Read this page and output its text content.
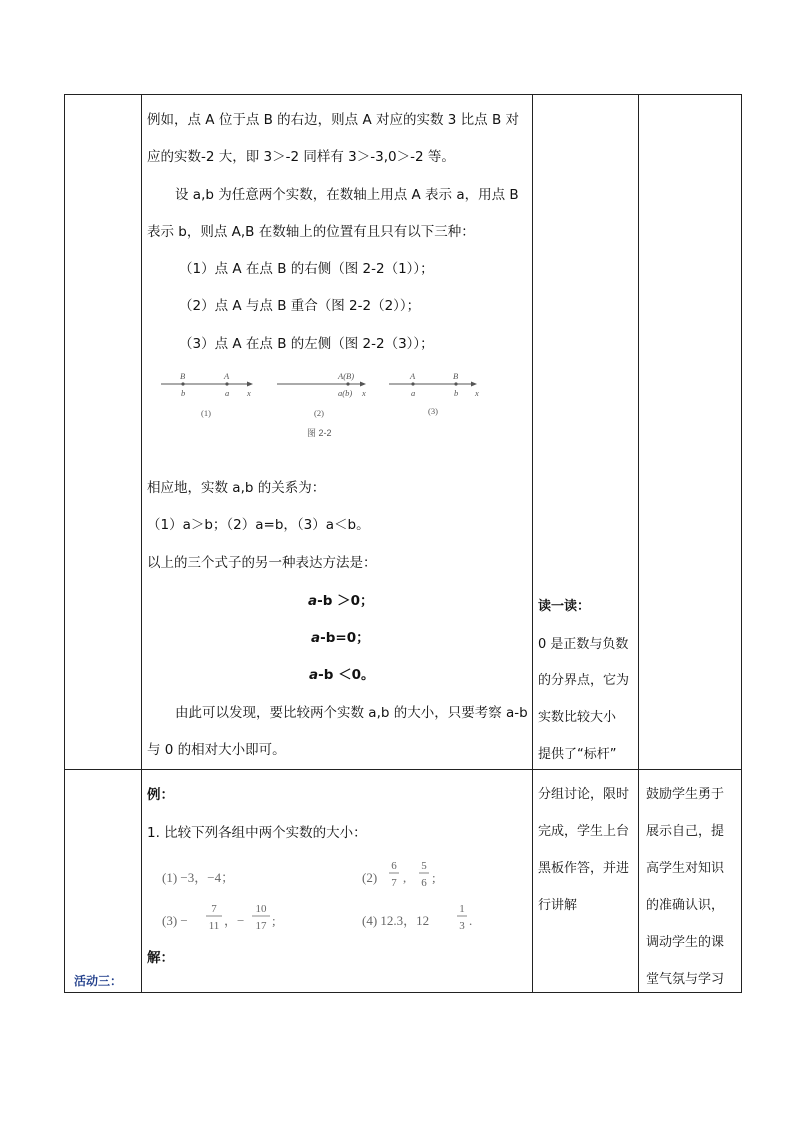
例如，点 A 位于点 B 的右边，则点 A 对应的实数 3 比点 B 对
应的实数-2 大，即 3＞-2 同样有 3＞-3,0＞-2 等。
设 a,b 为任意两个实数，在数轴上用点 A 表示 a，用点 B
表示 b，则点 A,B 在数轴上的位置有且只有以下三种：
（1）点 A 在点 B 的右侧（图 2-2（1））；
（2）点 A 与点 B 重合（图 2-2（2））；
（3）点 A 在点 B 的左侧（图 2-2（3））；
B	A
b	a x
(1)
A(B)
a(b) x
(2)
A	B
a	b x
(3)
图 2-2
相应地，实数 a,b 的关系为：
（1）a＞b；（2）a=b，（3）a＜b。
以上的三个式子的另一种表达方法是：
a-b ＞0；
a-b=0；
a-b ＜0。
由此可以发现，要比较两个实数 a,b 的大小，只要考察 a-b
与 0 的相对大小即可。
读一读：
0 是正数与负数
的分界点，它为
实数比较大小
提供了“标杆”
活动三：
例：
1. 比较下列各组中两个实数的大小：
(1) −3，−4；	(2)
6
7 ,
5
6 ;
(3) −
7
11 ，−
10
17 ;	(4) 12.3，12
1
3 .
解：
分组讨论，限时
完成，学生上台
黑板作答，并进
行讲解
鼓励学生勇于
展示自己，提
高学生对知识
的准确认识，
调动学生的课
堂气氛与学习
